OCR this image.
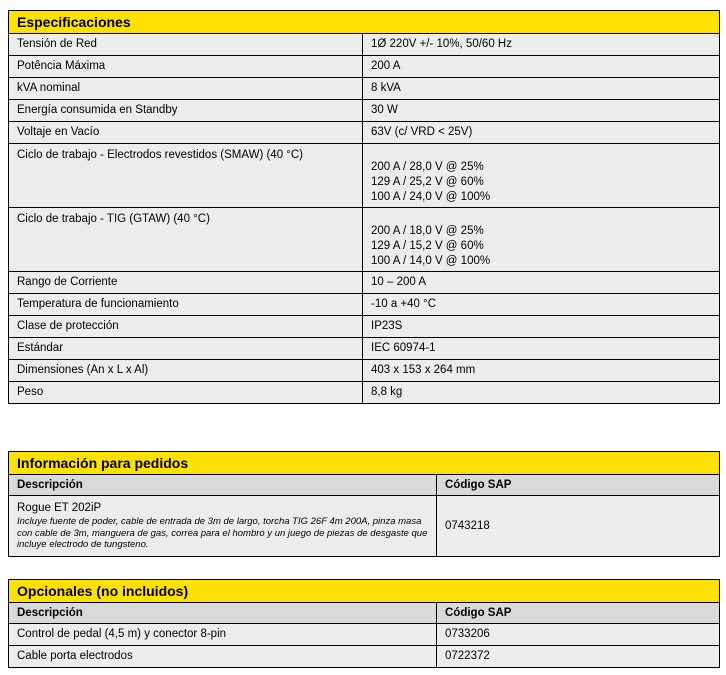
Especificaciones	
Tensión de Red	1Ø 220V +/- 10%, 50/60 Hz
Potência Máxima	200 A
kVA nominal	8 kVA
Energía consumida en Standby	30 W
Voltaje en Vacío	63V (c/ VRD < 25V)
Ciclo de trabajo - Electrodos revestidos (SMAW) (40 °C)	200 A / 28,0 V @ 25%
129 A / 25,2 V @ 60%
100 A / 24,0 V @ 100%

Ciclo de trabajo - TIG (GTAW) (40 °C)	200 A / 18,0 V @ 25%
129 A / 15,2 V @ 60%
100 A / 14,0 V @ 100%

Rango de Corriente	10 – 200 A
Temperatura de funcionamiento	-10 a +40 °C
Clase de protección	IP23S
Estándar	IEC 60974-1
Dimensiones (An x L x Al)	403 x 153 x 264 mm
Peso	8,8 kg
Información para pedidos	
Descripción	Código SAP

Rogue ET 202iP
Incluye fuente de poder, cable de entrada de 3m de largo, torcha TIG 26F 4m 200A, pinza masa con cable de 3m, manguera de gas, correa para el hombro y un juego de piezas de desgaste que incluye electrodo de tungsteno.	0743218
Opcionales (no incluidos)	
Descripción	Código SAP
Control de pedal (4,5 m) y conector 8-pin	0733206
Cable porta electrodos	0722372
